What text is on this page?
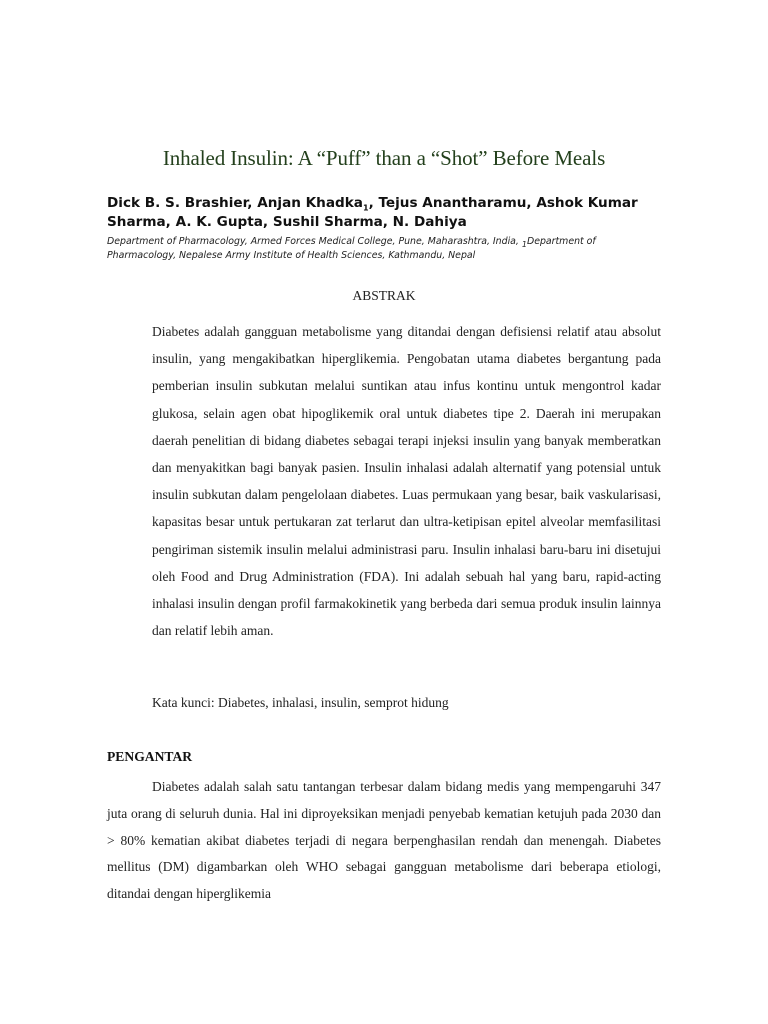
Inhaled Insulin: A “Puff” than a “Shot” Before Meals
Dick B. S. Brashier, Anjan Khadka$_1$, Tejus Anantharamu, Ashok Kumar Sharma, A. K. Gupta, Sushil Sharma, N. Dahiya
Department of Pharmacology, Armed Forces Medical College, Pune, Maharashtra, India, $_1$Department of Pharmacology, Nepalese Army Institute of Health Sciences, Kathmandu, Nepal
ABSTRAK
Diabetes adalah gangguan metabolisme yang ditandai dengan defisiensi relatif atau absolut insulin, yang mengakibatkan hiperglikemia. Pengobatan utama diabetes bergantung pada pemberian insulin subkutan melalui suntikan atau infus kontinu untuk mengontrol kadar glukosa, selain agen obat hipoglikemik oral untuk diabetes tipe 2. Daerah ini merupakan daerah penelitian di bidang diabetes sebagai terapi injeksi insulin yang banyak memberatkan dan menyakitkan bagi banyak pasien. Insulin inhalasi adalah alternatif yang potensial untuk insulin subkutan dalam pengelolaan diabetes. Luas permukaan yang besar, baik vaskularisasi, kapasitas besar untuk pertukaran zat terlarut dan ultra-ketipisan epitel alveolar memfasilitasi pengiriman sistemik insulin melalui administrasi paru. Insulin inhalasi baru-baru ini disetujui oleh Food and Drug Administration (FDA). Ini adalah sebuah hal yang baru, rapid-acting inhalasi insulin dengan profil farmakokinetik yang berbeda dari semua produk insulin lainnya dan relatif lebih aman.
Kata kunci: Diabetes, inhalasi, insulin, semprot hidung
PENGANTAR
Diabetes adalah salah satu tantangan terbesar dalam bidang medis yang mempengaruhi 347 juta orang di seluruh dunia. Hal ini diproyeksikan menjadi penyebab kematian ketujuh pada 2030 dan > 80% kematian akibat diabetes terjadi di negara berpenghasilan rendah dan menengah. Diabetes mellitus (DM) digambarkan oleh WHO sebagai gangguan metabolisme dari beberapa etiologi, ditandai dengan hiperglikemia
